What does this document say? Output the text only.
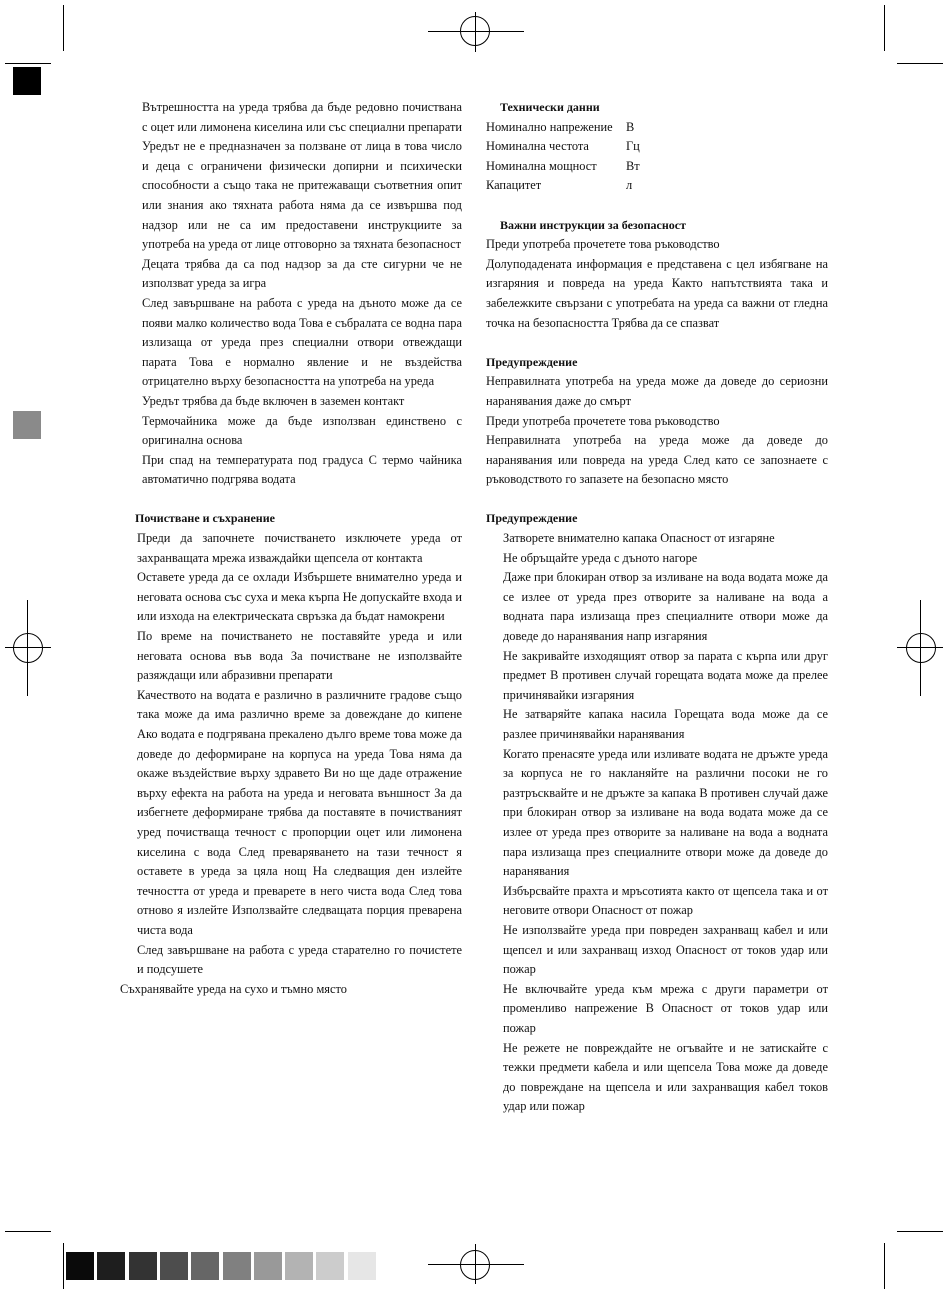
Вътрешността на уреда трябва да бъде редовно почиствана с оцет или лимонена киселина или със специални препарати

Уредът не е предназначен за ползване от лица в това число и деца с ограничени физически допирни и психически способности а също така не притежаващи съответния опит или знания ако тяхната работа няма да се извършва под надзор или не са им предоставени инструкциите за употреба на уреда от лице отговорно за тяхната безопасност

Децата трябва да са под надзор за да сте сигурни че не използват уреда за игра

След завършване на работа с уреда на дъното може да се появи малко количество вода Това е събралата се водна пара излизаща от уреда през специални отвори отвеждащи парата Това е нормално явление и не въздейства отрицателно върху безопасността на употреба на уреда

Уредът трябва да бъде включен в заземен контакт

Термочайника може да бъде използван единствено с оригинална основа

При спад на температурата под градуса С термо чайника автоматично подгрява водата

Почистване и съхранение

Преди да започнете почистването изключете уреда от захранващата мрежа изваждайки щепсела от контакта

Оставете уреда да се охлади Избършете внимателно уреда и неговата основа със суха и мека кърпа Не допускайте входа и или изхода на електрическата свръзка да бъдат намокрени

По време на почистването не поставяйте уреда и или неговата основа във вода За почистване не използвайте разяждащи или абразивни препарати

Качеството на водата е различно в различните градове също така може да има различно време за довеждане до кипене Ако водата е подгрявана прекалено дълго време това може да доведе до деформиране на корпуса на уреда Това няма да окаже въздействие върху здравето Ви но ще даде отражение върху ефекта на работа на уреда и неговата външност За да избегнете деформиране трябва да поставяте в почистваният уред почистваща течност с пропорции оцет или лимонена киселина с вода След преваряването на тази течност я оставете в уреда за цяла нощ На следващия ден излейте течността от уреда и преварете в него чиста вода След това отново я излейте Използвайте следващата порция преварена чиста вода

След завършване на работа с уреда старателно го почистете и подсушете

Съхранявайте уреда на сухо и тъмно място

Технически данни

Номинално напрежение	В
Номинална честота	Гц
Номинална мощност	Вт
Капацитет	л

Важни инструкции за безопасност

Преди употреба прочетете това ръководство

Долуподадената информация е представена с цел избягване на изгаряния и повреда на уреда Както напътствията така и забележките свързани с употребата на уреда са важни от гледна точка на безопасността Трябва да се спазват

Предупреждение

Неправилната употреба на уреда може да доведе до сериозни наранявания даже до смърт

Преди употреба прочетете това ръководство

Неправилната употреба на уреда може да доведе до наранявания или повреда на уреда След като се запознаете с ръководството го запазете на безопасно място

Предупреждение

Затворете внимателно капака Опасност от изгаряне

Не обръщайте уреда с дъното нагоре

Даже при блокиран отвор за изливане на вода водата може да се излее от уреда през отворите за наливане на вода а водната пара излизаща през специалните отвори може да доведе до наранявания напр изгаряния

Не закривайте изходящият отвор за парата с кърпа или друг предмет В противен случай горещата водата може да прелее причинявайки изгаряния

Не затваряйте капака насила Горещата вода може да се разлее причинявайки наранявания

Когато пренасяте уреда или изливате водата не дръжте уреда за корпуса не го накланяйте на различни посоки не го разтръсквайте и не дръжте за капака В противен случай даже при блокиран отвор за изливане на вода водата може да се излее от уреда през отворите за наливане на вода а водната пара излизаща през специалните отвори може да доведе до наранявания

Избърсвайте прахта и мръсотията както от щепсела така и от неговите отвори Опасност от пожар

Не използвайте уреда при повреден захранващ кабел и или щепсел и или захранващ изход Опасност от токов удар или пожар

Не включвайте уреда към мрежа с други параметри от променливо напрежение В Опасност от токов удар или пожар

Не режете не повреждайте не огъвайте и не затискайте с тежки предмети кабела и или щепсела Това може да доведе до повреждане на щепсела и или захранващия кабел токов удар или пожар
